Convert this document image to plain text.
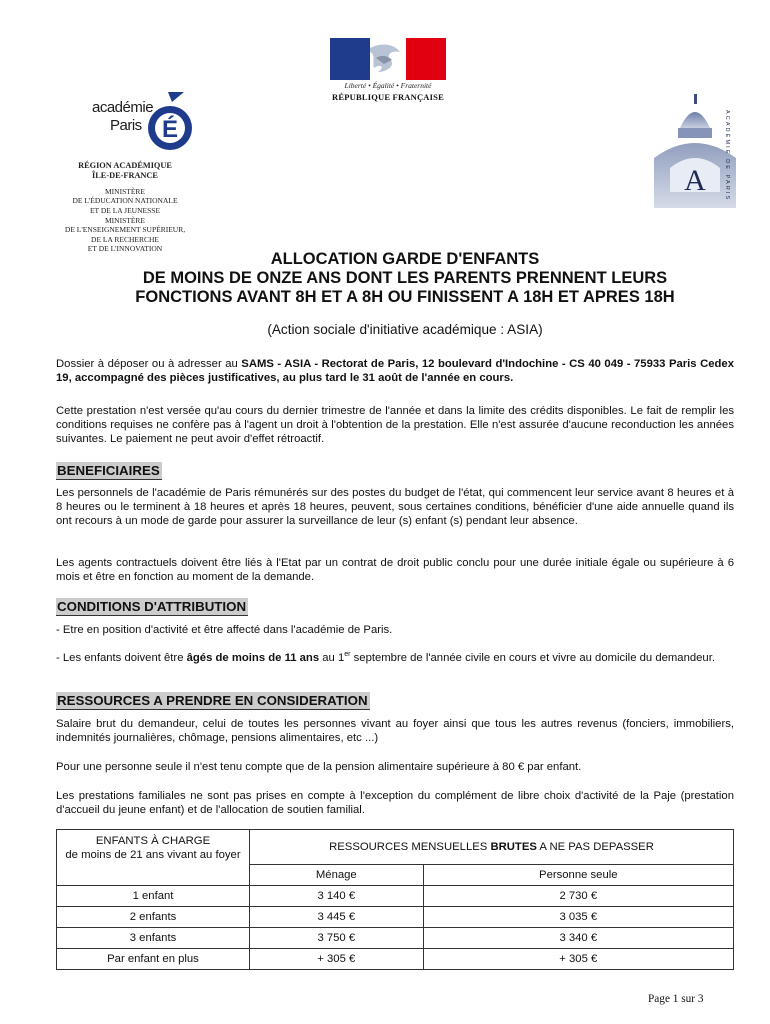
Liberté • Égalité • Fraternité
RÉPUBLIQUE FRANÇAISE
académie
Paris É
RÉGION ACADÉMIQUE
ÎLE-DE-FRANCE
MINISTÈRE
DE L'ÉDUCATION NATIONALE
ET DE LA JEUNESSE
MINISTÈRE
DE L'ENSEIGNEMENT SUPÉRIEUR,
DE LA RECHERCHE
ET DE L'INNOVATION
A	ACADÉMIE DE PARIS
ALLOCATION GARDE D'ENFANTS
DE MOINS DE ONZE ANS DONT LES PARENTS PRENNENT LEURS
FONCTIONS AVANT 8H ET A 8H OU FINISSENT A 18H ET APRES 18H
(Action sociale d'initiative académique : ASIA)
Dossier à déposer ou à adresser au SAMS - ASIA - Rectorat de Paris, 12 boulevard d'Indochine - CS 40 049 - 75933 Paris Cedex 19, accompagné des pièces justificatives, au plus tard le 31 août de l'année en cours.
Cette prestation n'est versée qu'au cours du dernier trimestre de l'année et dans la limite des crédits disponibles. Le fait de remplir les conditions requises ne confère pas à l'agent un droit à l'obtention de la prestation. Elle n'est assurée d'aucune reconduction les années suivantes. Le paiement ne peut avoir d'effet rétroactif.
BENEFICIAIRES
Les personnels de l'académie de Paris rémunérés sur des postes du budget de l'état, qui commencent leur service avant 8 heures et à 8 heures ou le terminent à 18 heures et après 18 heures, peuvent, sous certaines conditions, bénéficier d'une aide annuelle quand ils ont recours à un mode de garde pour assurer la surveillance de leur (s) enfant (s) pendant leur absence.
Les agents contractuels doivent être liés à l'Etat par un contrat de droit public conclu pour une durée initiale égale ou supérieure à 6 mois et être en fonction au moment de la demande.
CONDITIONS D'ATTRIBUTION
- Etre en position d'activité et être affecté dans l'académie de Paris.
- Les enfants doivent être âgés de moins de 11 ans au 1er septembre de l'année civile en cours et vivre au domicile du demandeur.
RESSOURCES A PRENDRE EN CONSIDERATION
Salaire brut du demandeur, celui de toutes les personnes vivant au foyer ainsi que tous les autres revenus (fonciers, immobiliers, indemnités journalières, chômage, pensions alimentaires, etc ...)
Pour une personne seule il n'est tenu compte que de la pension alimentaire supérieure à 80 € par enfant.
Les prestations familiales ne sont pas prises en compte à l'exception du complément de libre choix d'activité de la Paje (prestation d'accueil du jeune enfant) et de l'allocation de soutien familial.
ENFANTS À CHARGE
de moins de 21 ans vivant au foyer	RESSOURCES MENSUELLES BRUTES A NE PAS DEPASSER	
	Ménage	Personne seule
1 enfant	3 140 €	2 730 €
2 enfants	3 445 €	3 035 €
3 enfants	3 750 €	3 340 €
Par enfant en plus	+ 305 €	+ 305 €
Page 1 sur 3
